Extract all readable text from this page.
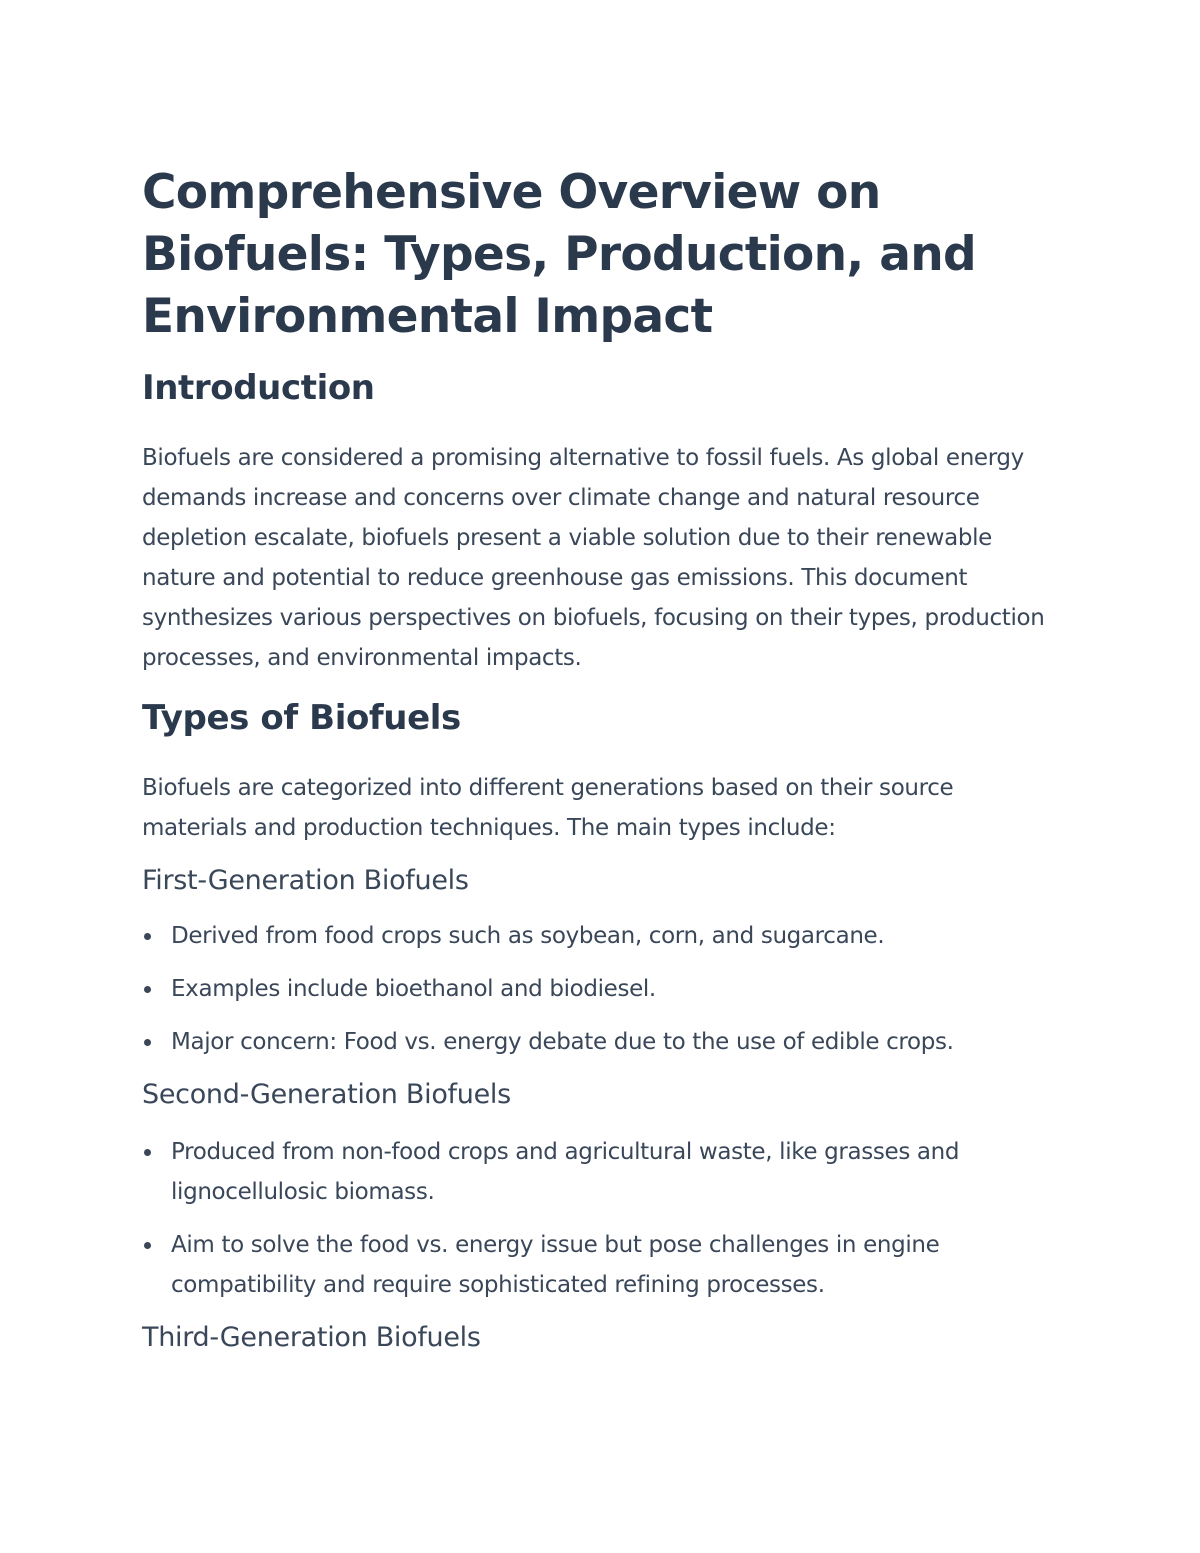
Comprehensive Overview on Biofuels: Types, Production, and Environmental Impact
Introduction

Biofuels are considered a promising alternative to fossil fuels. As global energy demands increase and concerns over climate change and natural resource depletion escalate, biofuels present a viable solution due to their renewable nature and potential to reduce greenhouse gas emissions. This document synthesizes various perspectives on biofuels, focusing on their types, production processes, and environmental impacts.

Types of Biofuels

Biofuels are categorized into different generations based on their source materials and production techniques. The main types include:

First-Generation Biofuels
Derived from food crops such as soybean, corn, and sugarcane.
Examples include bioethanol and biodiesel.
Major concern: Food vs. energy debate due to the use of edible crops.
Second-Generation Biofuels
Produced from non-food crops and agricultural waste, like grasses and lignocellulosic biomass.
Aim to solve the food vs. energy issue but pose challenges in engine compatibility and require sophisticated refining processes.
Third-Generation Biofuels
